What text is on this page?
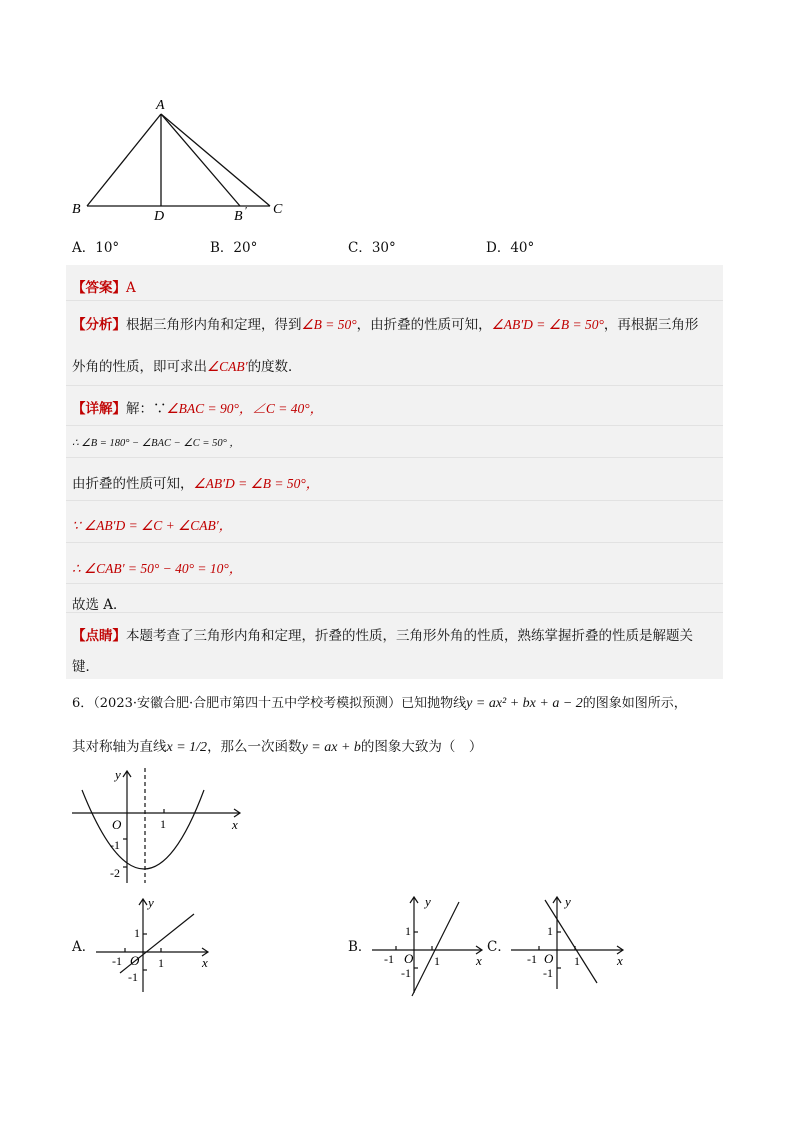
A
B	C
D	B ′
A．10°	B．20°	C．30°	D．40°
【答案】A
【分析】根据三角形内角和定理，得到∠B = 50°，由折叠的性质可知，∠AB′D = ∠B = 50°，再根据三角形
外角的性质，即可求出∠CAB′的度数．
【详解】解：∵∠BAC = 90°，∠C = 40°，
∴ ∠B = 180° − ∠BAC − ∠C = 50° ，
由折叠的性质可知，∠AB′D = ∠B = 50°，
∵ ∠AB′D = ∠C + ∠CAB′，
∴ ∠CAB′ = 50° − 40° = 10°，
故选 A．
【点睛】本题考查了三角形内角和定理，折叠的性质，三角形外角的性质，熟练掌握折叠的性质是解题关
键．
6．（2023·安徽合肥·合肥市第四十五中学校考模拟预测）已知抛物线y = ax² + bx + a − 2的图象如图所示，
其对称轴为直线x = 1/2，那么一次函数y = ax + b的图象大致为（　）
y
x
O	1
-1
-2
A．
y
x
O
1
1
-1
-1
B．
y
x
O
1
1
-1
-1
C．
y
x
O
1
1
-1
-1
